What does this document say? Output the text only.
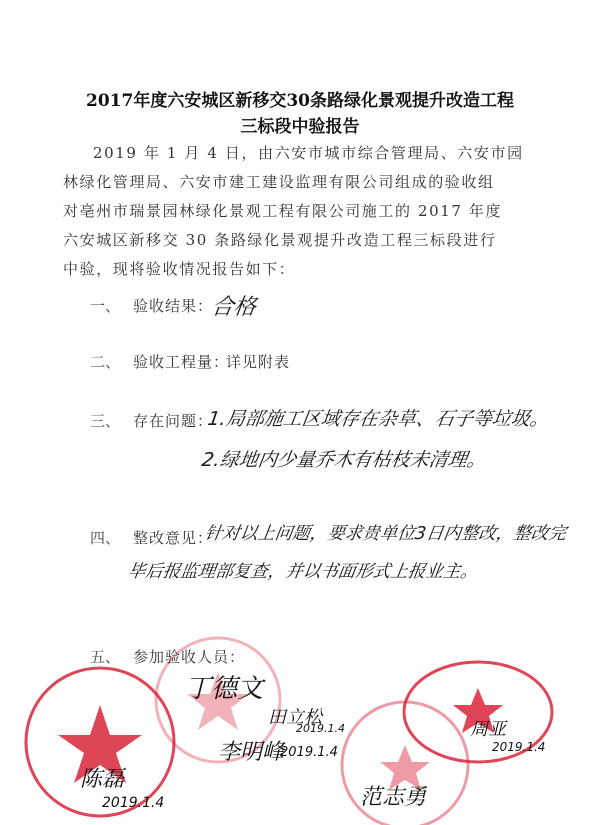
2017年度六安城区新移交30条路绿化景观提升改造工程
三标段中验报告
2019 年 1 月 4 日，由六安市城市综合管理局、六安市园
林绿化管理局、六安市建工建设监理有限公司组成的验收组
对亳州市瑞景园林绿化景观工程有限公司施工的 2017 年度
六安城区新移交 30 条路绿化景观提升改造工程三标段进行
中验，现将验收情况报告如下：
一、 验收结果：
合格
二、 验收工程量：
详见附表
三、 存在问题：
1.局部施工区域存在杂草、石子等垃圾。
2.绿地内少量乔木有枯枝未清理。
四、 整改意见：
针对以上问题，要求贵单位3日内整改，整改完
毕后报监理部复查，并以书面形式上报业主。
五、 参加验收人员：
丁德文
田立松
2019.1.4
李明峰
2019.1.4
陈磊
2019.1.4
周亚
2019.1.4
范志勇
